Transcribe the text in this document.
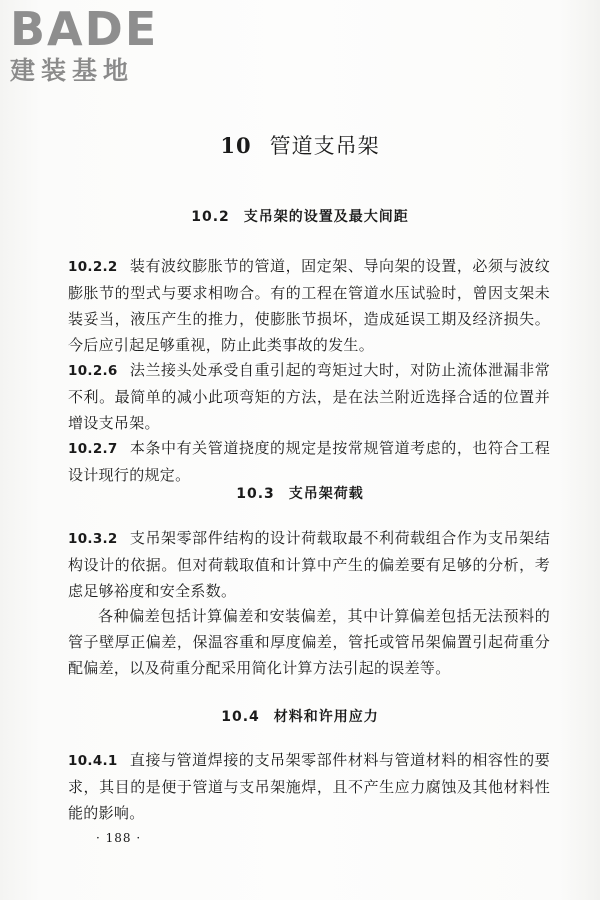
BADE
建装基地
10 管道支吊架
10.2 支吊架的设置及最大间距

10.2.2 装有波纹膨胀节的管道，固定架、导向架的设置，必须与波纹膨胀节的型式与要求相吻合。有的工程在管道水压试验时，曾因支架未装妥当，液压产生的推力，使膨胀节损坏，造成延误工期及经济损失。今后应引起足够重视，防止此类事故的发生。

10.2.6 法兰接头处承受自重引起的弯矩过大时，对防止流体泄漏非常不利。最简单的减小此项弯矩的方法，是在法兰附近选择合适的位置并增设支吊架。

10.2.7 本条中有关管道挠度的规定是按常规管道考虑的，也符合工程设计现行的规定。

10.3 支吊架荷载

10.3.2 支吊架零部件结构的设计荷载取最不利荷载组合作为支吊架结构设计的依据。但对荷载取值和计算中产生的偏差要有足够的分析，考虑足够裕度和安全系数。

各种偏差包括计算偏差和安装偏差，其中计算偏差包括无法预料的管子壁厚正偏差，保温容重和厚度偏差，管托或管吊架偏置引起荷重分配偏差，以及荷重分配采用简化计算方法引起的误差等。

10.4 材料和许用应力

10.4.1 直接与管道焊接的支吊架零部件材料与管道材料的相容性的要求，其目的是便于管道与支吊架施焊，且不产生应力腐蚀及其他材料性能的影响。

· 188 ·
